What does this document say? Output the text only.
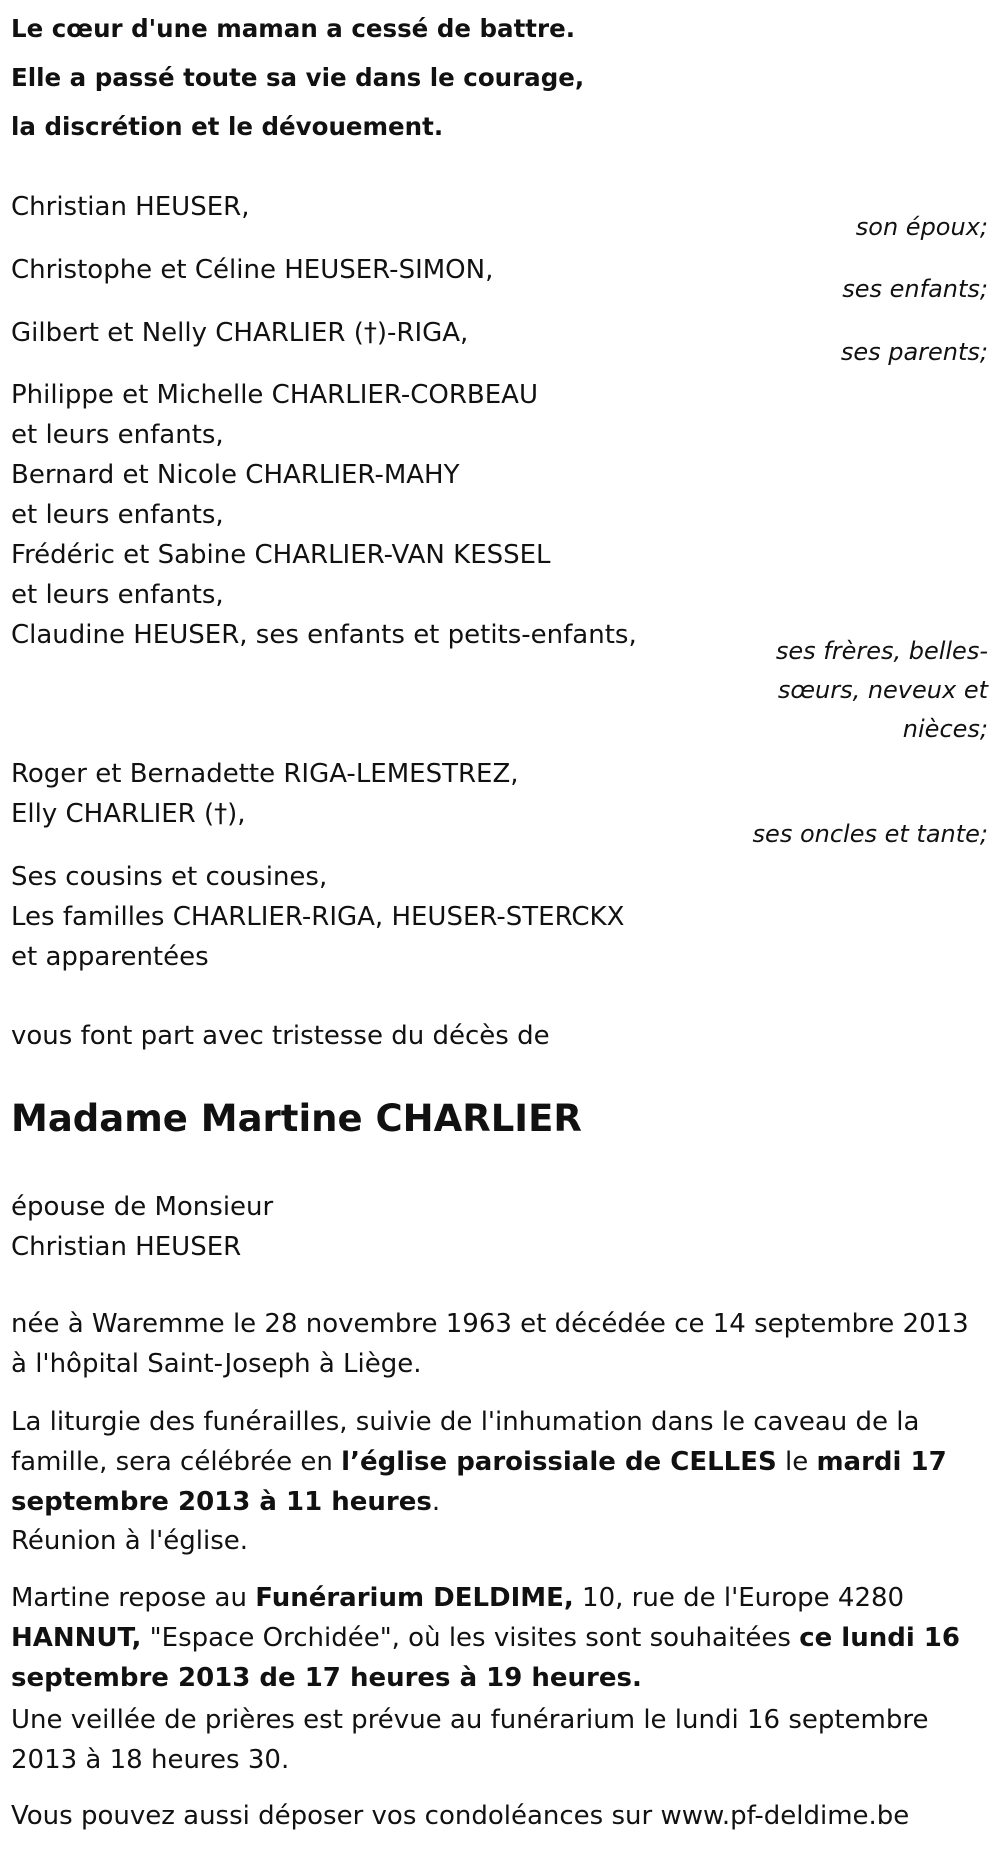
Le cœur d'une maman a cessé de battre.
Elle a passé toute sa vie dans le courage,
la discrétion et le dévouement.
Christian HEUSER,
son époux;
Christophe et Céline HEUSER-SIMON,
ses enfants;
Gilbert et Nelly CHARLIER (†)-RIGA,
ses parents;
Philippe et Michelle CHARLIER-CORBEAU
et leurs enfants,
Bernard et Nicole CHARLIER-MAHY
et leurs enfants,
Frédéric et Sabine CHARLIER-VAN KESSEL
et leurs enfants,
Claudine HEUSER, ses enfants et petits-enfants,
ses frères, belles-
sœurs, neveux et
nièces;
Roger et Bernadette RIGA-LEMESTREZ,
Elly CHARLIER (†),
ses oncles et tante;
Ses cousins et cousines,
Les familles CHARLIER-RIGA, HEUSER-STERCKX
et apparentées
vous font part avec tristesse du décès de
Madame Martine CHARLIER
épouse de Monsieur
Christian HEUSER
née à Waremme le 28 novembre 1963 et décédée ce 14 septembre 2013
à l'hôpital Saint-Joseph à Liège.

La liturgie des funérailles, suivie de l'inhumation dans le caveau de la famille, sera célébrée en l’église paroissiale de CELLES le mardi 17 septembre 2013 à 11 heures.

Réunion à l'église.

Martine repose au Funérarium DELDIME, 10, rue de l'Europe 4280 HANNUT, "Espace Orchidée", où les visites sont souhaitées ce lundi 16 septembre 2013 de 17 heures à 19 heures.

Une veillée de prières est prévue au funérarium le lundi 16 septembre 2013 à 18 heures 30.

Vous pouvez aussi déposer vos condoléances sur www.pf-deldime.be
